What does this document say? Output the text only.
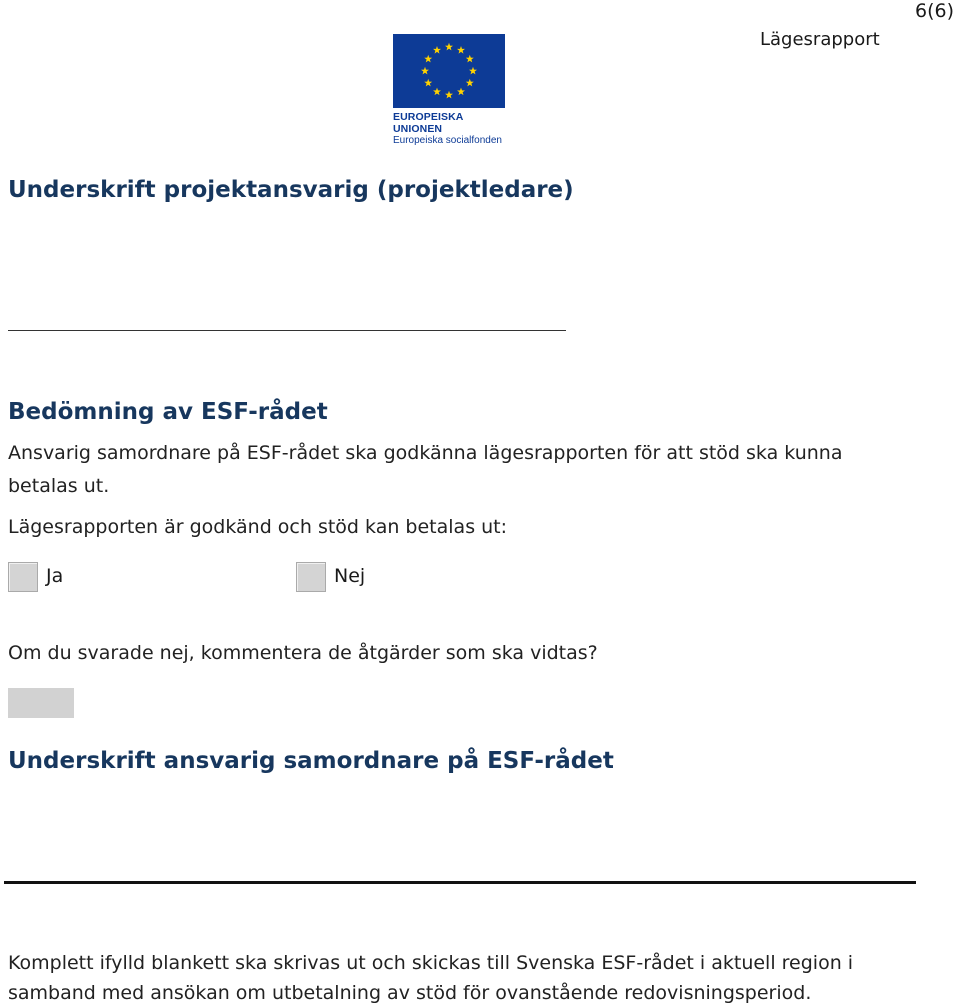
6(6)
Lägesrapport
EUROPEISKA UNIONEN
Europeiska socialfonden
Underskrift projektansvarig (projektledare)
Bedömning av ESF-rådet
Ansvarig samordnare på ESF-rådet ska godkänna lägesrapporten för att stöd ska kunna betalas ut.
Lägesrapporten är godkänd och stöd kan betalas ut:
Ja	Nej
Om du svarade nej, kommentera de åtgärder som ska vidtas?
Underskrift ansvarig samordnare på ESF-rådet
Komplett ifylld blankett ska skrivas ut och skickas till Svenska ESF-rådet i aktuell region i samband med ansökan om utbetalning av stöd för ovanstående redovisningsperiod.
